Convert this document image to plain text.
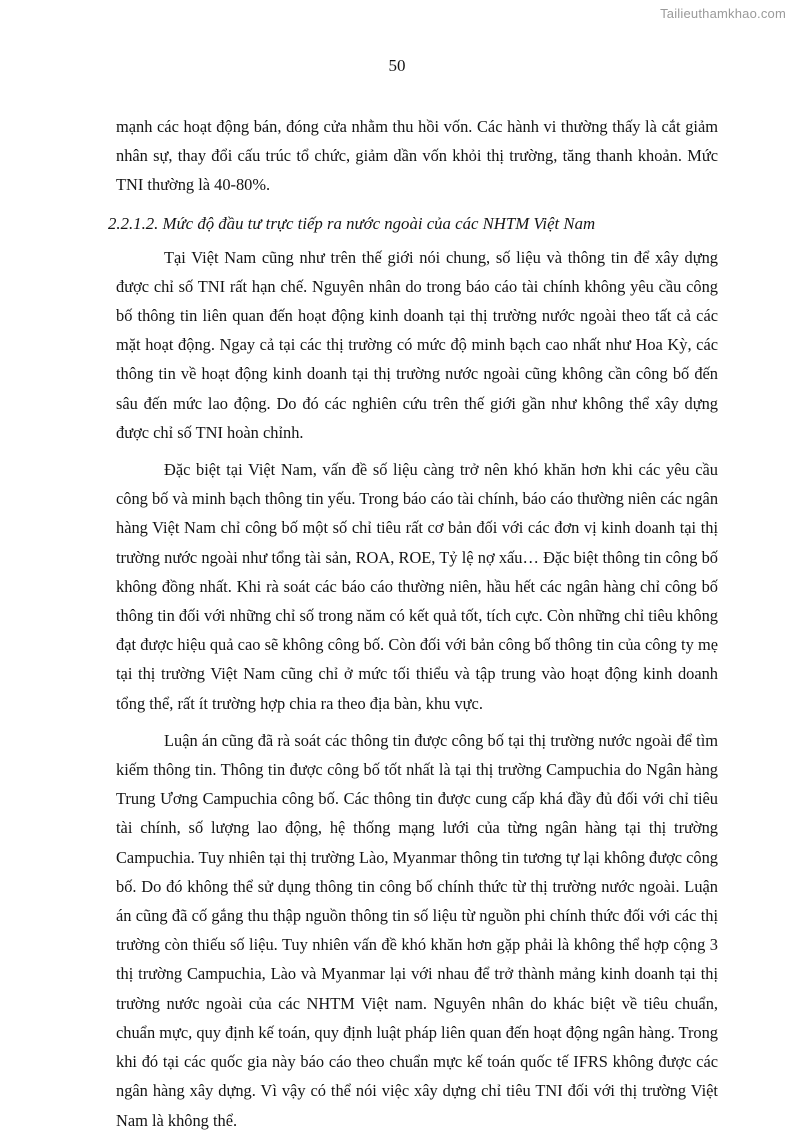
Tailieuthamkhao.com
50

mạnh các hoạt động bán, đóng cửa nhằm thu hồi vốn. Các hành vi thường thấy là cắt giảm nhân sự, thay đổi cấu trúc tổ chức, giảm dần vốn khỏi thị trường, tăng thanh khoản. Mức TNI thường là 40-80%.

2.2.1.2. Mức độ đầu tư trực tiếp ra nước ngoài của các NHTM Việt Nam

Tại Việt Nam cũng như trên thế giới nói chung, số liệu và thông tin để xây dựng được chỉ số TNI rất hạn chế. Nguyên nhân do trong báo cáo tài chính không yêu cầu công bố thông tin liên quan đến hoạt động kinh doanh tại thị trường nước ngoài theo tất cả các mặt hoạt động. Ngay cả tại các thị trường có mức độ minh bạch cao nhất như Hoa Kỳ, các thông tin về hoạt động kinh doanh tại thị trường nước ngoài cũng không cần công bố đến sâu đến mức lao động. Do đó các nghiên cứu trên thế giới gần như không thể xây dựng được chỉ số TNI hoàn chỉnh.

Đặc biệt tại Việt Nam, vấn đề số liệu càng trở nên khó khăn hơn khi các yêu cầu công bố và minh bạch thông tin yếu. Trong báo cáo tài chính, báo cáo thường niên các ngân hàng Việt Nam chỉ công bố một số chỉ tiêu rất cơ bản đối với các đơn vị kinh doanh tại thị trường nước ngoài như tổng tài sản, ROA, ROE, Tỷ lệ nợ xấu… Đặc biệt thông tin công bố không đồng nhất. Khi rà soát các báo cáo thường niên, hầu hết các ngân hàng chỉ công bố thông tin đối với những chỉ số trong năm có kết quả tốt, tích cực. Còn những chỉ tiêu không đạt được hiệu quả cao sẽ không công bố. Còn đối với bản công bố thông tin của công ty mẹ tại thị trường Việt Nam cũng chỉ ở mức tối thiểu và tập trung vào hoạt động kinh doanh tổng thể, rất ít trường hợp chia ra theo địa bàn, khu vực.

Luận án cũng đã rà soát các thông tin được công bố tại thị trường nước ngoài để tìm kiếm thông tin. Thông tin được công bố tốt nhất là tại thị trường Campuchia do Ngân hàng Trung Ương Campuchia công bố. Các thông tin được cung cấp khá đầy đủ đối với chỉ tiêu tài chính, số lượng lao động, hệ thống mạng lưới của từng ngân hàng tại thị trường Campuchia. Tuy nhiên tại thị trường Lào, Myanmar thông tin tương tự lại không được công bố. Do đó không thể sử dụng thông tin công bố chính thức từ thị trường nước ngoài. Luận án cũng đã cố gắng thu thập nguồn thông tin số liệu từ nguồn phi chính thức đối với các thị trường còn thiếu số liệu. Tuy nhiên vấn đề khó khăn hơn gặp phải là không thể hợp cộng 3 thị trường Campuchia, Lào và Myanmar lại với nhau để trở thành mảng kinh doanh tại thị trường nước ngoài của các NHTM Việt nam. Nguyên nhân do khác biệt về tiêu chuẩn, chuẩn mực, quy định kế toán, quy định luật pháp liên quan đến hoạt động ngân hàng. Trong khi đó tại các quốc gia này báo cáo theo chuẩn mực kế toán quốc tế IFRS không được các ngân hàng xây dựng. Vì vậy có thể nói việc xây dựng chỉ tiêu TNI đối với thị trường Việt Nam là không thể.
